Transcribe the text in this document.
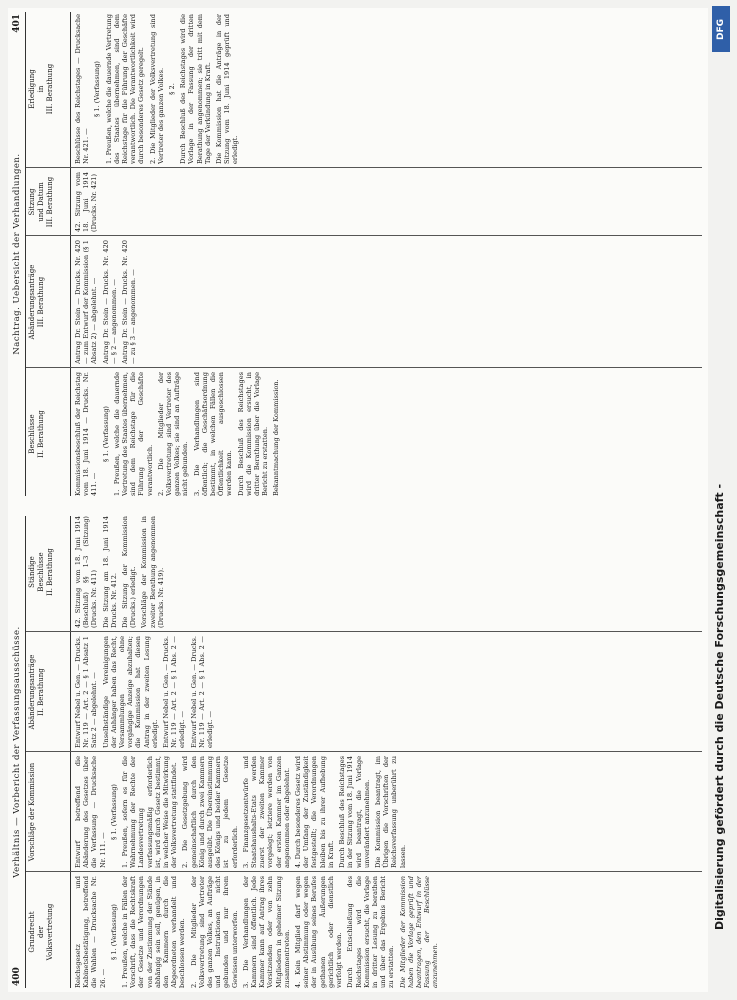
400
Verhältnis — Vorbericht der Verfassungsausschüsse.
Grundrecht
der
Volksvertretung
Vorschläge der Kommission
Abänderungsanträge
II. Berathung
Ständige
Beschlüsse
II. Berathung

Reichsgesetz und Kabinetsbestätigung, betreffend die Wahlen — Drucksache Nr. 26. —

§ 1. (Verfassung) 1. Preußen, welche in Fällen der Vorschrift, dass die Rechtskraft der Gesetze und Verordnungen von der Zustimmung der Stände abhängig sein soll, genügen, in den Kammern durch die Abgeordneten verhandelt und beschlossen werden. 2. Die Mitglieder der Volksvertretung sind Vertreter des ganzen Volkes, an Aufträge und Instruktionen nicht gebunden und nur ihrem Gewissen unterworfen. 3. Die Verhandlungen der Kammern sind öffentlich. Jede Kammer kann auf Antrag ihres Vorsitzenden oder von zehn Mitgliedern in geheimer Sitzung zusammentreten. 4. Kein Mitglied darf wegen seiner Abstimmung oder wegen der in Ausübung seines Berufes gethanen Äußerungen gerichtlich oder dienstlich verfolgt werden. Durch Entschließung des Reichstages wird die Kommission ersucht, die Vorlage in dritter Lesung zu berathen und über das Ergebnis Bericht zu erstatten. Die Mitglieder der Kommission haben die Vorlage geprüft und beantragen, den Entwurf in der Fassung der Beschlüsse anzunehmen.

Entwurf betreffend die Abänderung des Gesetzes über die Verfassung — Drucksache Nr. 111. —

§ 1. (Verfassung) 1. Preußen, sofern es für die Wahrnehmung der Rechte der Landesvertretung verfassungsmäßig erforderlich ist, wird durch Gesetz bestimmt, in welcher Weise die Mitwirkung der Volksvertretung stattfindet. 2. Die Gesetzgebung wird gemeinschaftlich durch den König und durch zwei Kammern ausgeübt. Die Übereinstimmung des Königs und beider Kammern ist zu jedem Gesetze erforderlich. 3. Finanzgesetzentwürfe und Staatshaushalts-Etats werden zuerst der zweiten Kammer vorgelegt; letztere werden von der ersten Kammer im Ganzen angenommen oder abgelehnt. 4. Durch besonderes Gesetz wird der Umfang der Zuständigkeit festgestellt; die Verordnungen bleiben bis zu ihrer Aufhebung in Kraft. Durch Beschluß des Reichstages in der Sitzung vom 18. Juni 1914 wird beantragt, die Vorlage unverändert anzunehmen. Die Kommission beantragt, im Übrigen die Vorschriften der Reichsverfassung unberührt zu lassen.

Entwurf Nebel u. Gen. — Drucks. Nr. 119 — Art. 2 — § 1 Absatz 1 Satz 2 — abgelehnt. — Unselbständige Vereinigungen der Anhänger haben das Recht, Versammlungen ohne vorgängige Anzeige abzuhalten; die Kommission hat diesen Antrag in der zweiten Lesung erledigt. Entwurf Nebel u. Gen. — Drucks. Nr. 119 — Art. 2 — § 1 Abs. 2 — erledigt. — Entwurf Nebel u. Gen. — Drucks. Nr. 119 — Art. 2 — § 1 Abs. 2 — erledigt. —

42. Sitzung vom 18. Juni 1914 (Beschluß) §§ 1–3 (Sitzung) (Drucks. Nr. 411) Die Sitzung am 18. Juni 1914 Drucks. Nr. 412. Die Sitzung der Kommission (Drucks.) erledigt. Vorschläge der Kommission in zweiter Berathung angenommen (Drucks. Nr. 419).

401
Nachtrag. Uebersicht der Verhandlungen.
Beschlüsse
II. Berathung
Abänderungsanträge
III. Berathung
Sitzung
und Datum
III. Berathung
Erledigung
in
III. Berathung

Kommissionsbeschluß der Reichstag vom 18. Juni 1914 — Drucks. Nr. 411. —

§ 1. (Verfassung) 1. Preußen, welche die dauernde Vertretung des Staates übernehmen, sind dem Reichstage für die Führung der Geschäfte verantwortlich. 2. Die Mitglieder der Volksvertretung sind Vertreter des ganzen Volkes; sie sind an Aufträge nicht gebunden. 3. Die Verhandlungen sind öffentlich; die Geschäftsordnung bestimmt, in welchen Fällen die Öffentlichkeit ausgeschlossen werden kann. Durch Beschluß des Reichstages wird die Kommission ersucht, in dritter Berathung über die Vorlage Bericht zu erstatten. Bekanntmachung der Kommission.

Antrag Dr. Stein — Drucks. Nr. 420 — zum Entwurf der Kommission (§ 1 Absatz 2) — abgelehnt. — Antrag Dr. Stein — Drucks. Nr. 420 — § 2 — angenommen. — Antrag Dr. Stein — Drucks. Nr. 420 — zu § 3 — angenommen. —

42. Sitzung vom 18. Juni 1914 (Drucks. Nr. 421)

Beschlüsse des Reichstages — Drucksache Nr. 421. —

§ 1. (Verfassung) 1. Preußen, welche die dauernde Vertretung des Staates übernehmen, sind dem Reichstage für die Führung der Geschäfte verantwortlich. Die Verantwortlichkeit wird durch besonderes Gesetz geregelt. 2. Die Mitglieder der Volksvertretung sind Vertreter des ganzen Volkes. § 2. Durch Beschluß des Reichstages wird die Vorlage in der Fassung der dritten Berathung angenommen; sie tritt mit dem Tage der Verkündung in Kraft. Die Kommission hat die Anträge in der Sitzung vom 18. Juni 1914 geprüft und erledigt.

DFG
Digitalisierung gefördert durch die Deutsche Forschungsgemeinschaft -
